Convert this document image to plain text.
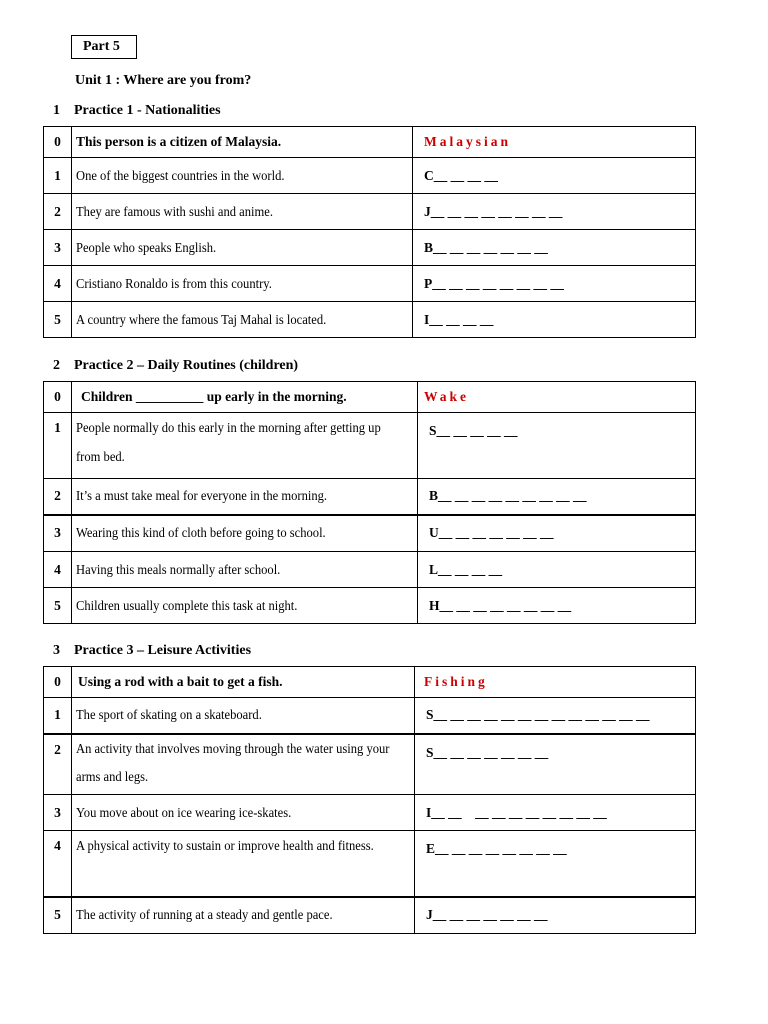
Part 5
Unit 1 : Where are you from?
1 Practice 1 - Nationalities
0	This person is a citizen of Malaysia.	Malaysian
1	One of the biggest countries in the world.	C__ __ __ __
2	They are famous with sushi and anime.	J__ __ __ __ __ __ __ __
3	People who speaks English.	B__ __ __ __ __ __ __
4	Cristiano Ronaldo is from this country.	P__ __ __ __ __ __ __ __
5	A country where the famous Taj Mahal is located.	I__ __ __ __
2 Practice 2 – Daily Routines (children)
0	Children __________ up early in the morning.	Wake
1	People normally do this early in the morning after getting up from bed.	S__ __ __ __ __
2	It’s a must take meal for everyone in the morning.	B__ __ __ __ __ __ __ __ __
3	Wearing this kind of cloth before going to school.	U__ __ __ __ __ __ __
4	Having this meals normally after school.	L__ __ __ __
5	Children usually complete this task at night.	H__ __ __ __ __ __ __ __
3 Practice 3 – Leisure Activities
0	Using a rod with a bait to get a fish.	Fishing
1	The sport of skating on a skateboard.	S__ __ __ __ __ __ __ __ __ __ __ __ __
2	An activity that involves moving through the water using your arms and legs.	S__ __ __ __ __ __ __
3	You move about on ice wearing ice-skates.	I__ __    __ __ __ __ __ __ __ __
4	A physical activity to sustain or improve health and fitness.	E__ __ __ __ __ __ __ __
5	The activity of running at a steady and gentle pace.	J__ __ __ __ __ __ __
